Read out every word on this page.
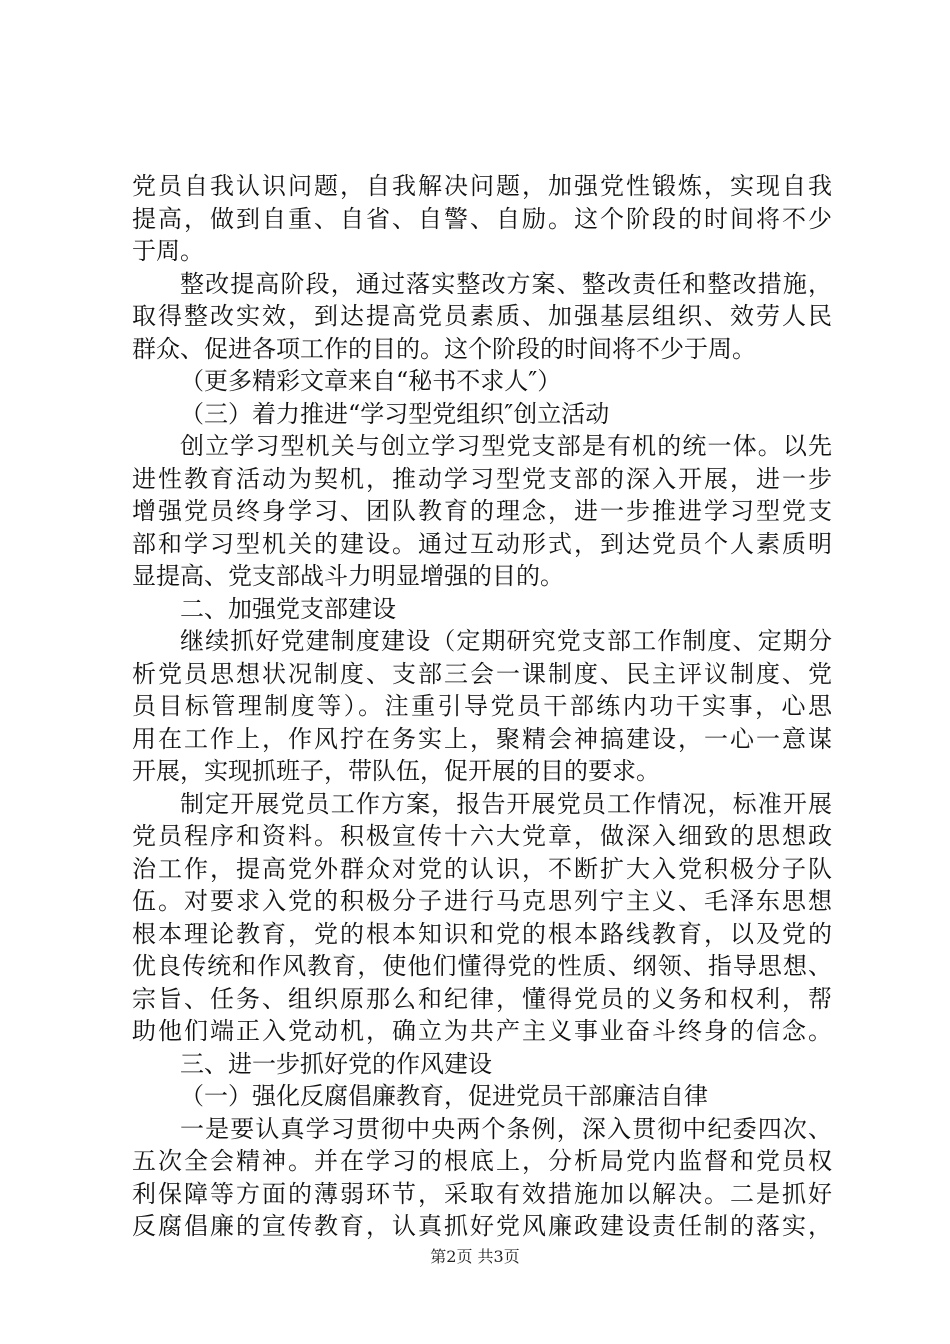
党员自我认识问题，自我解决问题，加强党性锻炼，实现自我
提高，做到自重、自省、自警、自励。这个阶段的时间将不少
于周。
整改提高阶段，通过落实整改方案、整改责任和整改措施，
取得整改实效，到达提高党员素质、加强基层组织、效劳人民
群众、促进各项工作的目的。这个阶段的时间将不少于周。
（更多精彩文章来自“秘书不求人″）
（三）着力推进“学习型党组织″创立活动
创立学习型机关与创立学习型党支部是有机的统一体。以先
进性教育活动为契机，推动学习型党支部的深入开展，进一步
增强党员终身学习、团队教育的理念，进一步推进学习型党支
部和学习型机关的建设。通过互动形式，到达党员个人素质明
显提高、党支部战斗力明显增强的目的。
二、加强党支部建设
继续抓好党建制度建设（定期研究党支部工作制度、定期分
析党员思想状况制度、支部三会一课制度、民主评议制度、党
员目标管理制度等）。注重引导党员干部练内功干实事，心思
用在工作上，作风拧在务实上，聚精会神搞建设，一心一意谋
开展，实现抓班子，带队伍，促开展的目的要求。
制定开展党员工作方案，报告开展党员工作情况，标准开展
党员程序和资料。积极宣传十六大党章，做深入细致的思想政
治工作，提高党外群众对党的认识，不断扩大入党积极分子队
伍。对要求入党的积极分子进行马克思列宁主义、毛泽东思想
根本理论教育，党的根本知识和党的根本路线教育，以及党的
优良传统和作风教育，使他们懂得党的性质、纲领、指导思想、
宗旨、任务、组织原那么和纪律，懂得党员的义务和权利，帮
助他们端正入党动机，确立为共产主义事业奋斗终身的信念。
三、进一步抓好党的作风建设
（一）强化反腐倡廉教育，促进党员干部廉洁自律
一是要认真学习贯彻中央两个条例，深入贯彻中纪委四次、
五次全会精神。并在学习的根底上，分析局党内监督和党员权
利保障等方面的薄弱环节，采取有效措施加以解决。二是抓好
反腐倡廉的宣传教育，认真抓好党风廉政建设责任制的落实，
第2页 共3页
